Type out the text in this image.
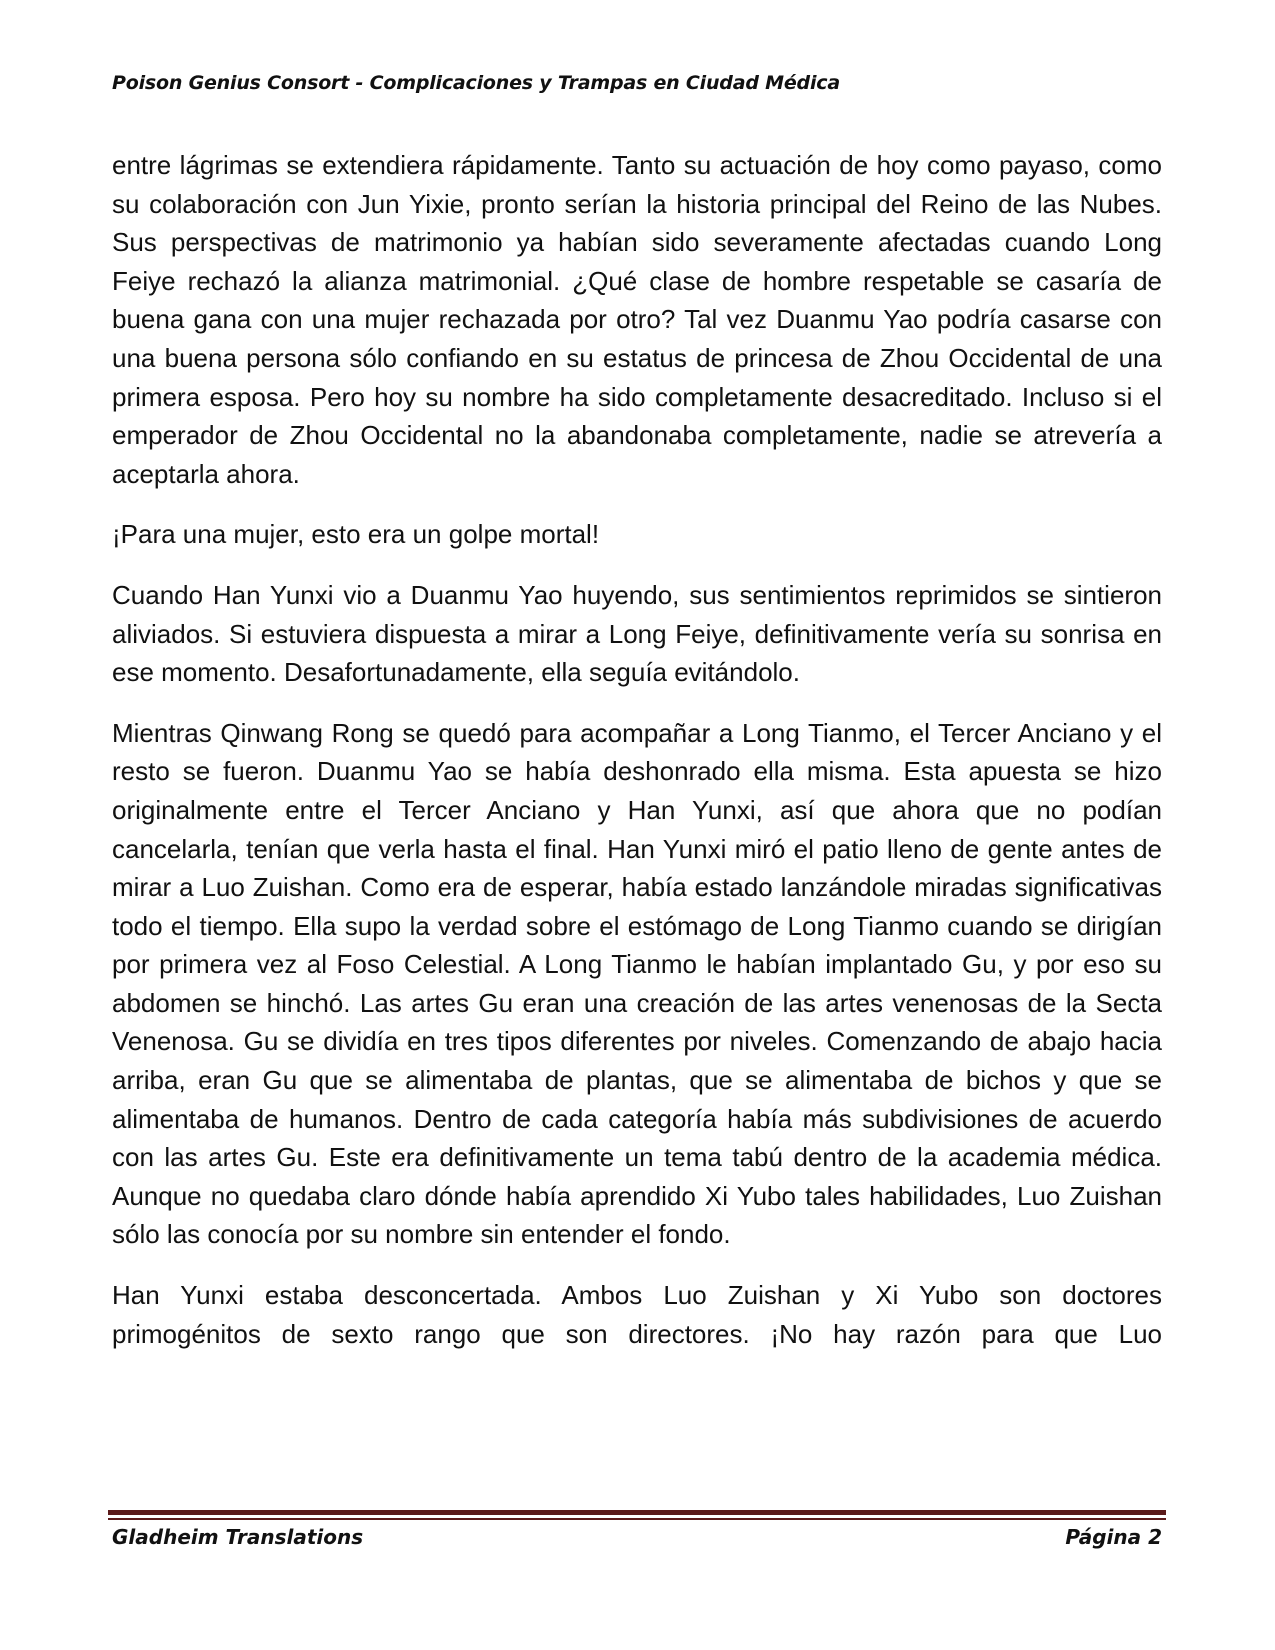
Poison Genius Consort - Complicaciones y Trampas en Ciudad Médica

entre lágrimas se extendiera rápidamente. Tanto su actuación de hoy como payaso, como su colaboración con Jun Yixie, pronto serían la historia principal del Reino de las Nubes. Sus perspectivas de matrimonio ya habían sido severamente afectadas cuando Long Feiye rechazó la alianza matrimonial. ¿Qué clase de hombre respetable se casaría de buena gana con una mujer rechazada por otro? Tal vez Duanmu Yao podría casarse con una buena persona sólo confiando en su estatus de princesa de Zhou Occidental de una primera esposa. Pero hoy su nombre ha sido completamente desacreditado. Incluso si el emperador de Zhou Occidental no la abandonaba completamente, nadie se atrevería a aceptarla ahora.

¡Para una mujer, esto era un golpe mortal!

Cuando Han Yunxi vio a Duanmu Yao huyendo, sus sentimientos reprimidos se sintieron aliviados. Si estuviera dispuesta a mirar a Long Feiye, definitivamente vería su sonrisa en ese momento. Desafortunadamente, ella seguía evitándolo.

Mientras Qinwang Rong se quedó para acompañar a Long Tianmo, el Tercer Anciano y el resto se fueron. Duanmu Yao se había deshonrado ella misma. Esta apuesta se hizo originalmente entre el Tercer Anciano y Han Yunxi, así que ahora que no podían cancelarla, tenían que verla hasta el final. Han Yunxi miró el patio lleno de gente antes de mirar a Luo Zuishan. Como era de esperar, había estado lanzándole miradas significativas todo el tiempo. Ella supo la verdad sobre el estómago de Long Tianmo cuando se dirigían por primera vez al Foso Celestial. A Long Tianmo le habían implantado Gu, y por eso su abdomen se hinchó. Las artes Gu eran una creación de las artes venenosas de la Secta Venenosa. Gu se dividía en tres tipos diferentes por niveles. Comenzando de abajo hacia arriba, eran Gu que se alimentaba de plantas, que se alimentaba de bichos y que se alimentaba de humanos. Dentro de cada categoría había más subdivisiones de acuerdo con las artes Gu. Este era definitivamente un tema tabú dentro de la academia médica. Aunque no quedaba claro dónde había aprendido Xi Yubo tales habilidades, Luo Zuishan sólo las conocía por su nombre sin entender el fondo.

Han Yunxi estaba desconcertada. Ambos Luo Zuishan y Xi Yubo son doctores primogénitos de sexto rango que son directores. ¡No hay razón para que Luo

Gladheim Translations	Página 2
